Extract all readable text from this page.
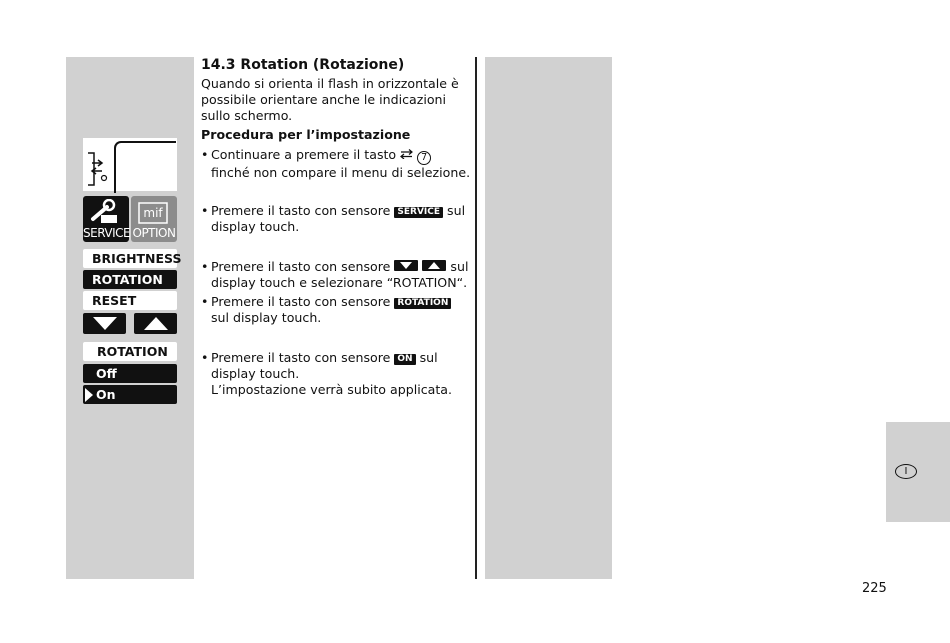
I
225
SERVICE
mif
OPTION
BRIGHTNESS
ROTATION
RESET
ROTATION
Off
On
14.3 Rotation (Rotazione)
Quando si orienta il flash in orizzontale è possibile orientare anche le indicazioni sullo schermo.
Procedura per l’impostazione
• Continuare a premere il tasto	7 finché non compare il menu di selezione.
• Premere il tasto con sensore SERVICE sul display touch.
• Premere il tasto con sensore
	sul display touch e selezionare “ROTATION“.
• Premere il tasto con sensore ROTATION sul display touch.
• Premere il tasto con sensore ON sul display touch.
L’impostazione verrà subito applicata.
